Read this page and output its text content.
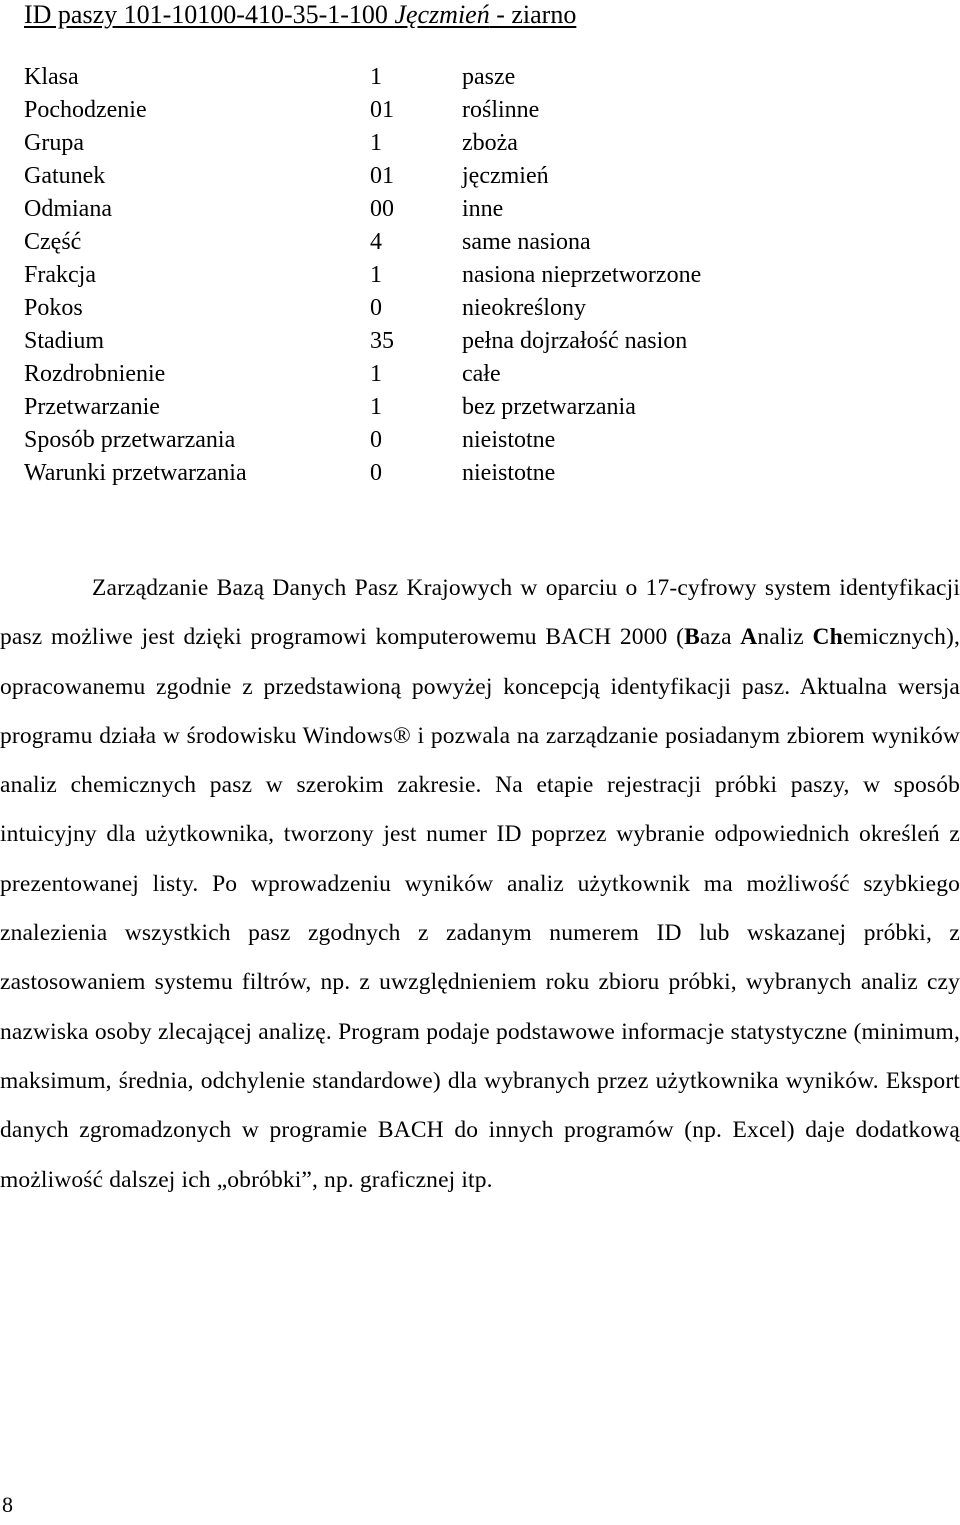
ID paszy 101-10100-410-35-1-100 Jęczmień - ziarno
Klasa	1	pasze
Pochodzenie	01	roślinne
Grupa	1	zboża
Gatunek	01	jęczmień
Odmiana	00	inne
Część	4	same nasiona
Frakcja	1	nasiona nieprzetworzone
Pokos	0	nieokreślony
Stadium	35	pełna dojrzałość nasion
Rozdrobnienie	1	całe
Przetwarzanie	1	bez przetwarzania
Sposób przetwarzania	0	nieistotne
Warunki przetwarzania	0	nieistotne

Zarządzanie Bazą Danych Pasz Krajowych w oparciu o 17-cyfrowy system identyfikacji pasz możliwe jest dzięki programowi komputerowemu BACH 2000 (Baza Analiz Chemicznych), opracowanemu zgodnie z przedstawioną powyżej koncepcją identyfikacji pasz. Aktualna wersja programu działa w środowisku Windows® i pozwala na zarządzanie posiadanym zbiorem wyników analiz chemicznych pasz w szerokim zakresie. Na etapie rejestracji próbki paszy, w sposób intuicyjny dla użytkownika, tworzony jest numer ID poprzez wybranie odpowiednich określeń z prezentowanej listy. Po wprowadzeniu wyników analiz użytkownik ma możliwość szybkiego znalezienia wszystkich pasz zgodnych z zadanym numerem ID lub wskazanej próbki, z zastosowaniem systemu filtrów, np. z uwzględnieniem roku zbioru próbki, wybranych analiz czy nazwiska osoby zlecającej analizę. Program podaje podstawowe informacje statystyczne (minimum, maksimum, średnia, odchylenie standardowe) dla wybranych przez użytkownika wyników. Eksport danych zgromadzonych w programie BACH do innych programów (np. Excel) daje dodatkową możliwość dalszej ich „obróbki”, np. graficznej itp.

8
